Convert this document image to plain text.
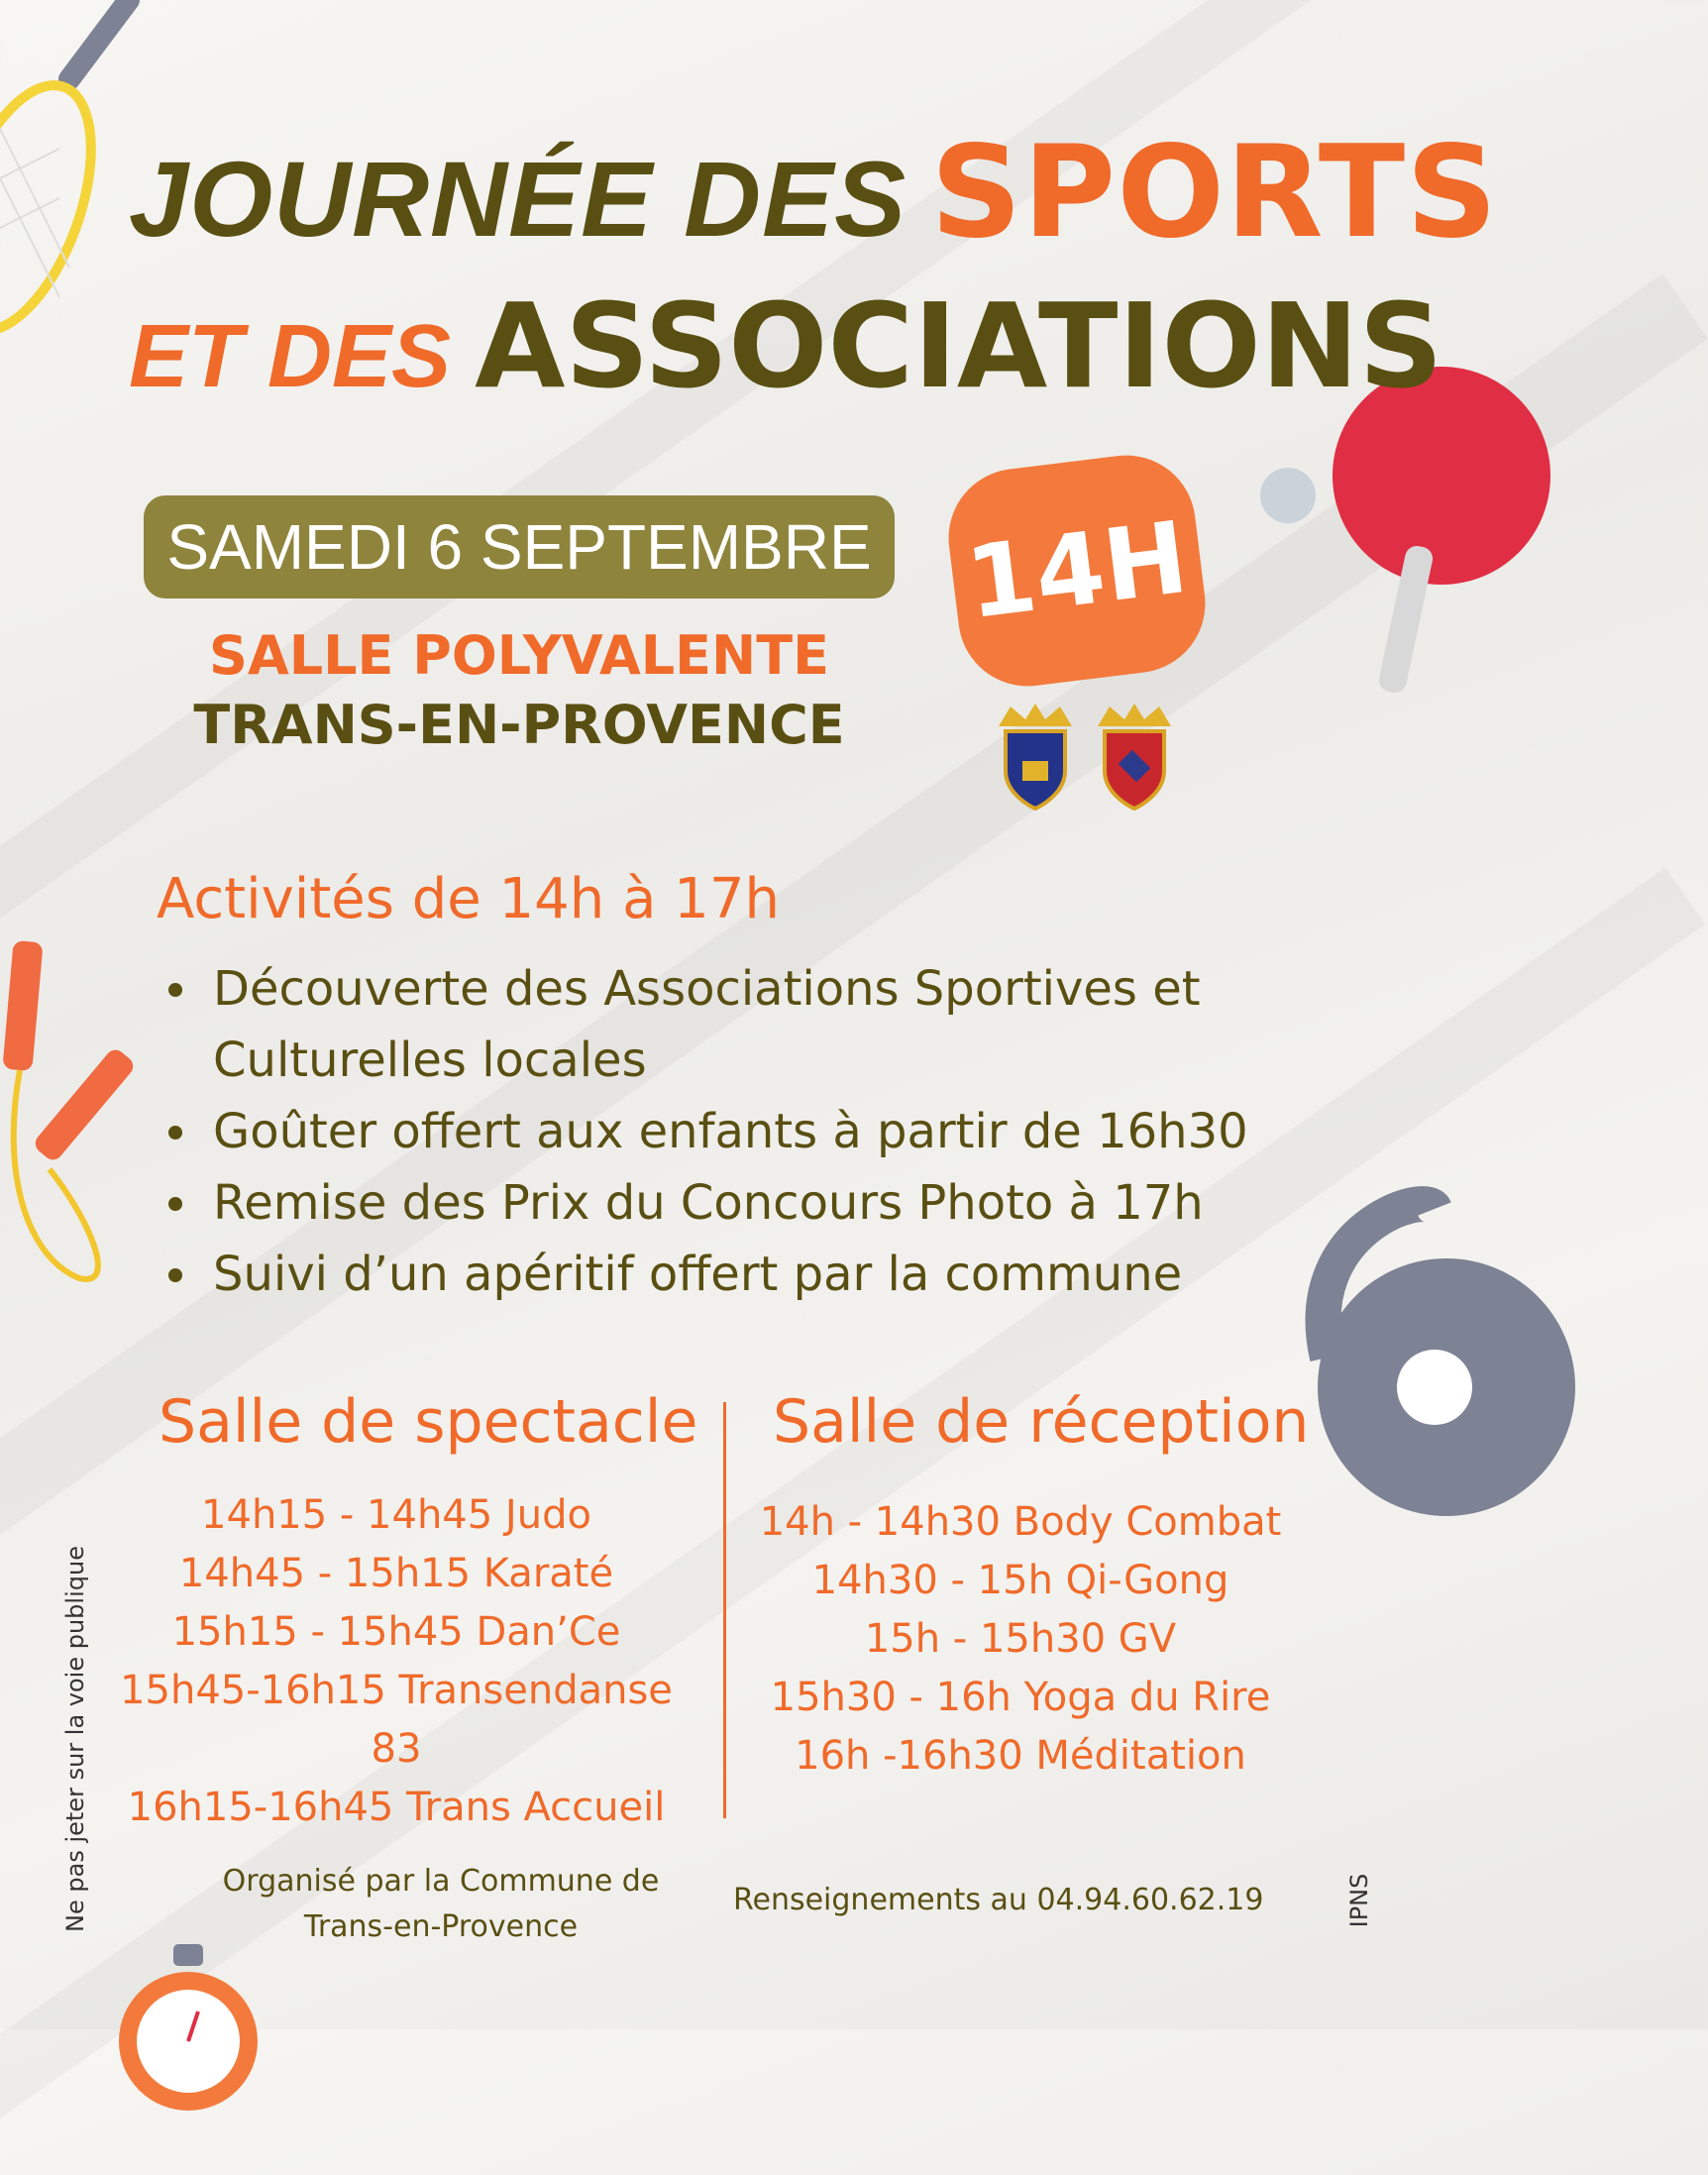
JOURNÉE DES SPORTS
ET DES ASSOCIATIONS
SAMEDI 6 SEPTEMBRE 14H
SALLE POLYVALENTE
TRANS-EN-PROVENCE
Activités de 14h à 17h
Découverte des Associations Sportives et Culturelles locales
Goûter offert aux enfants à partir de 16h30
Remise des Prix du Concours Photo à 17h
Suivi d’un apéritif offert par la commune
Salle de spectacle
14h15 - 14h45 Judo
14h45 - 15h15 Karaté
15h15 - 15h45 Dan’Ce
15h45-16h15 Transendanse 83
16h15-16h45 Trans Accueil
Salle de réception
14h - 14h30 Body Combat
14h30 - 15h Qi-Gong
15h - 15h30 GV
15h30 - 16h Yoga du Rire
16h -16h30 Méditation
Organisé par la Commune de
Trans-en-Provence
Renseignements au 04.94.60.62.19
Ne pas jeter sur la voie publique	IPNS
